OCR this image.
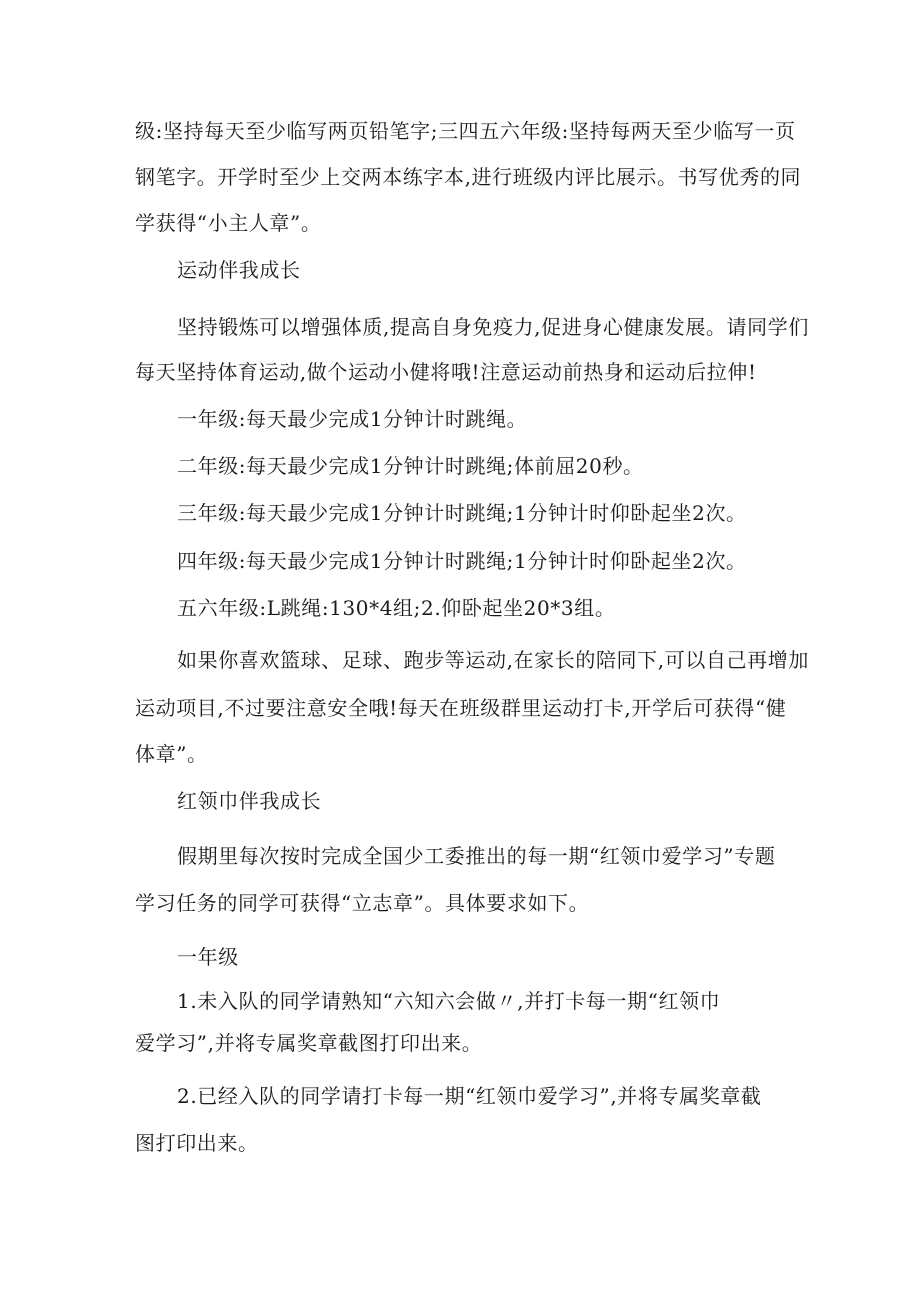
级:坚持每天至少临写两页铅笔字;三四五六年级:坚持每两天至少临写一页
钢笔字。开学时至少上交两本练字本,进行班级内评比展示。书写优秀的同
学获得“小主人章”。
运动伴我成长
坚持锻炼可以增强体质,提高自身免疫力,促进身心健康发展。请同学们
每天坚持体育运动,做个运动小健将哦!注意运动前热身和运动后拉伸!
一年级:每天最少完成1分钟计时跳绳。
二年级:每天最少完成1分钟计时跳绳;体前屈20秒。
三年级:每天最少完成1分钟计时跳绳;1分钟计时仰卧起坐2次。
四年级:每天最少完成1分钟计时跳绳;1分钟计时仰卧起坐2次。
五六年级:L跳绳:130*4组;2.仰卧起坐20*3组。
如果你喜欢篮球、足球、跑步等运动,在家长的陪同下,可以自己再增加
运动项目,不过要注意安全哦!每天在班级群里运动打卡,开学后可获得“健
体章”。
红领巾伴我成长
假期里每次按时完成全国少工委推出的每一期“红领巾爱学习”专题
学习任务的同学可获得“立志章”。具体要求如下。
一年级
1.未入队的同学请熟知“六知六会做〃,并打卡每一期“红领巾
爱学习”,并将专属奖章截图打印出来。
2.已经入队的同学请打卡每一期“红领巾爱学习”,并将专属奖章截
图打印出来。
